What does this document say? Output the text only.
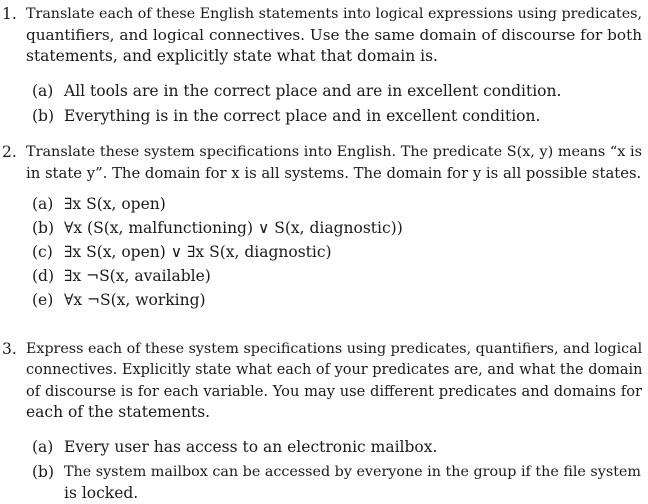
1. Translate each of these English statements into logical expressions using predicates,
quantifiers, and logical connectives. Use the same domain of discourse for both
statements, and explicitly state what that domain is.
(a) All tools are in the correct place and are in excellent condition.
(b) Everything is in the correct place and in excellent condition.
2. Translate these system specifications into English. The predicate S(x, y) means “x is
in state y”. The domain for x is all systems. The domain for y is all possible states.
(a) ∃x S(x, open)
(b) ∀x (S(x, malfunctioning) ∨ S(x, diagnostic))
(c) ∃x S(x, open) ∨ ∃x S(x, diagnostic)
(d) ∃x ¬S(x, available)
(e) ∀x ¬S(x, working)
3. Express each of these system specifications using predicates, quantifiers, and logical
connectives. Explicitly state what each of your predicates are, and what the domain
of discourse is for each variable. You may use different predicates and domains for
each of the statements.
(a) Every user has access to an electronic mailbox.
(b) The system mailbox can be accessed by everyone in the group if the file system
is locked.
